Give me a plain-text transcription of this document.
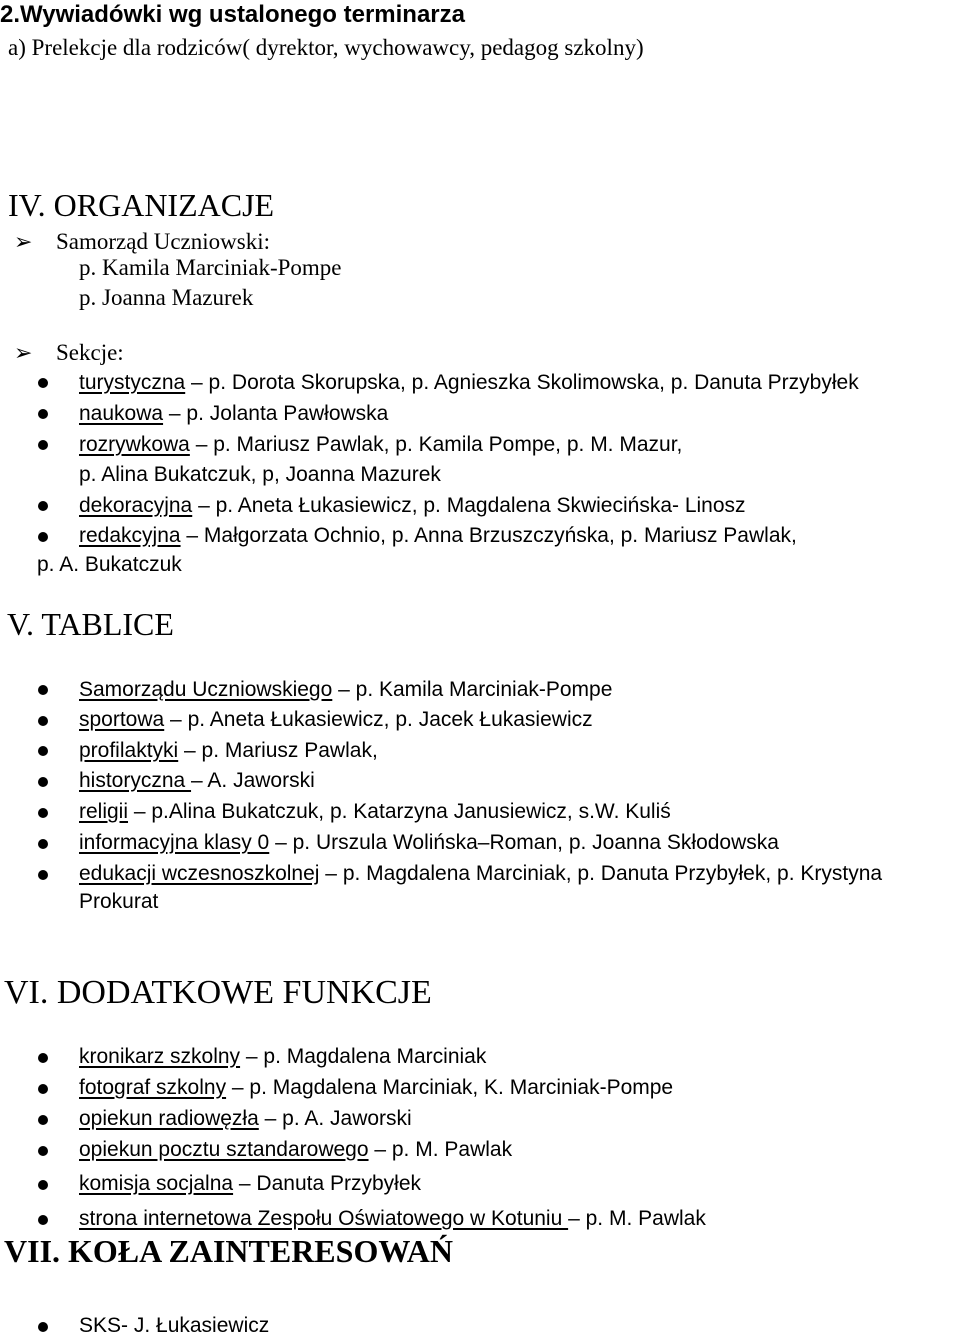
2.Wywiadówki wg ustalonego terminarza
a) Prelekcje dla rodziców( dyrektor, wychowawcy, pedagog szkolny)
IV. ORGANIZACJE
➢ Samorząd Uczniowski:
p. Kamila Marciniak-Pompe
p. Joanna Mazurek
➢ Sekcje:
turystyczna – p. Dorota Skorupska, p. Agnieszka Skolimowska, p. Danuta Przybyłek
naukowa – p. Jolanta Pawłowska
rozrywkowa – p. Mariusz Pawlak, p. Kamila Pompe, p. M. Mazur,
p. Alina Bukatczuk, p, Joanna Mazurek
dekoracyjna – p. Aneta Łukasiewicz, p. Magdalena Skwiecińska- Linosz
redakcyjna – Małgorzata Ochnio, p. Anna Brzuszczyńska, p. Mariusz Pawlak,
p. A. Bukatczuk
V. TABLICE
Samorządu Uczniowskiego – p. Kamila Marciniak-Pompe
sportowa – p. Aneta Łukasiewicz, p. Jacek Łukasiewicz
profilaktyki – p. Mariusz Pawlak,
historyczna – A. Jaworski
religii – p.Alina Bukatczuk, p. Katarzyna Janusiewicz, s.W. Kuliś
informacyjna klasy 0 – p. Urszula Wolińska–Roman, p. Joanna Skłodowska
edukacji wczesnoszkolnej – p. Magdalena Marciniak, p. Danuta Przybyłek, p. Krystyna
Prokurat
VI. DODATKOWE FUNKCJE
kronikarz szkolny – p. Magdalena Marciniak
fotograf szkolny – p. Magdalena Marciniak, K. Marciniak-Pompe
opiekun radiowęzła – p. A. Jaworski
opiekun pocztu sztandarowego – p. M. Pawlak
komisja socjalna – Danuta Przybyłek
strona internetowa Zespołu Oświatowego w Kotuniu – p. M. Pawlak
VII. KOŁA ZAINTERESOWAŃ
SKS- J. Łukasiewicz
